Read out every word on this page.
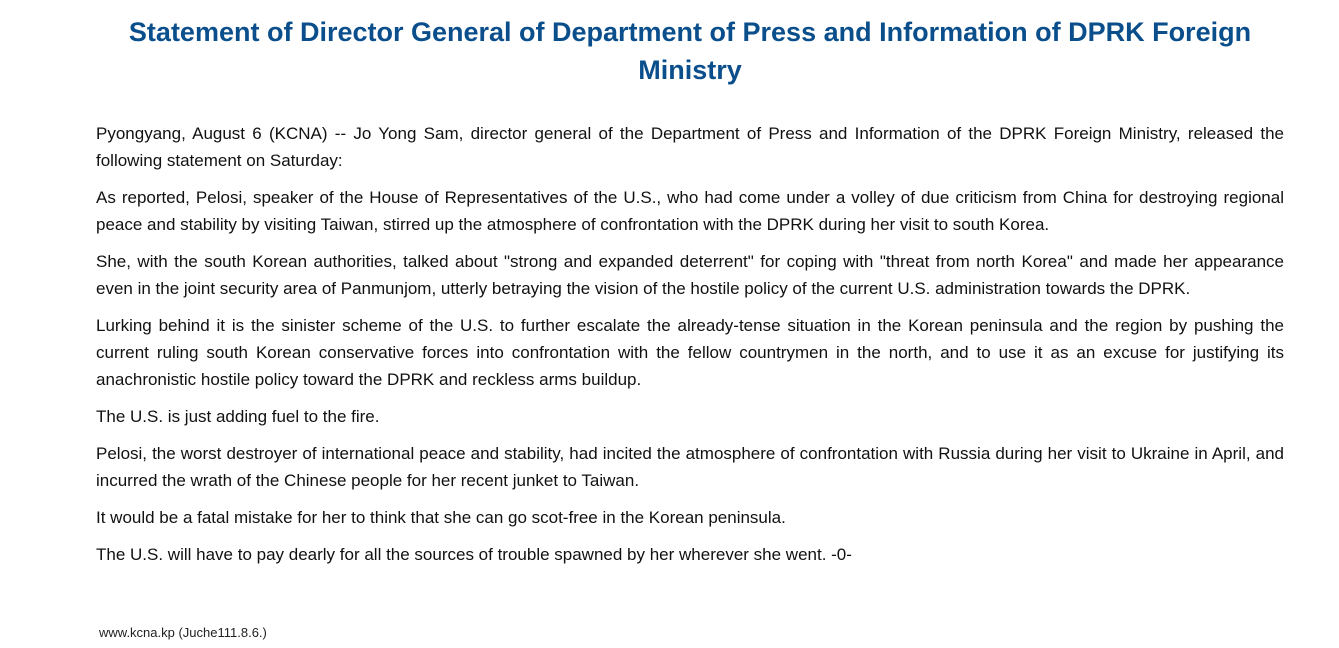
Statement of Director General of Department of Press and Information of DPRK Foreign Ministry

Pyongyang, August 6 (KCNA) -- Jo Yong Sam, director general of the Department of Press and Information of the DPRK Foreign Ministry, released the following statement on Saturday:

As reported, Pelosi, speaker of the House of Representatives of the U.S., who had come under a volley of due criticism from China for destroying regional peace and stability by visiting Taiwan, stirred up the atmosphere of confrontation with the DPRK during her visit to south Korea.

She, with the south Korean authorities, talked about "strong and expanded deterrent" for coping with "threat from north Korea" and made her appearance even in the joint security area of Panmunjom, utterly betraying the vision of the hostile policy of the current U.S. administration towards the DPRK.

Lurking behind it is the sinister scheme of the U.S. to further escalate the already-tense situation in the Korean peninsula and the region by pushing the current ruling south Korean conservative forces into confrontation with the fellow countrymen in the north, and to use it as an excuse for justifying its anachronistic hostile policy toward the DPRK and reckless arms buildup.

The U.S. is just adding fuel to the fire.

Pelosi, the worst destroyer of international peace and stability, had incited the atmosphere of confrontation with Russia during her visit to Ukraine in April, and incurred the wrath of the Chinese people for her recent junket to Taiwan.

It would be a fatal mistake for her to think that she can go scot-free in the Korean peninsula.

The U.S. will have to pay dearly for all the sources of trouble spawned by her wherever she went. -0-

www.kcna.kp (Juche111.8.6.)
